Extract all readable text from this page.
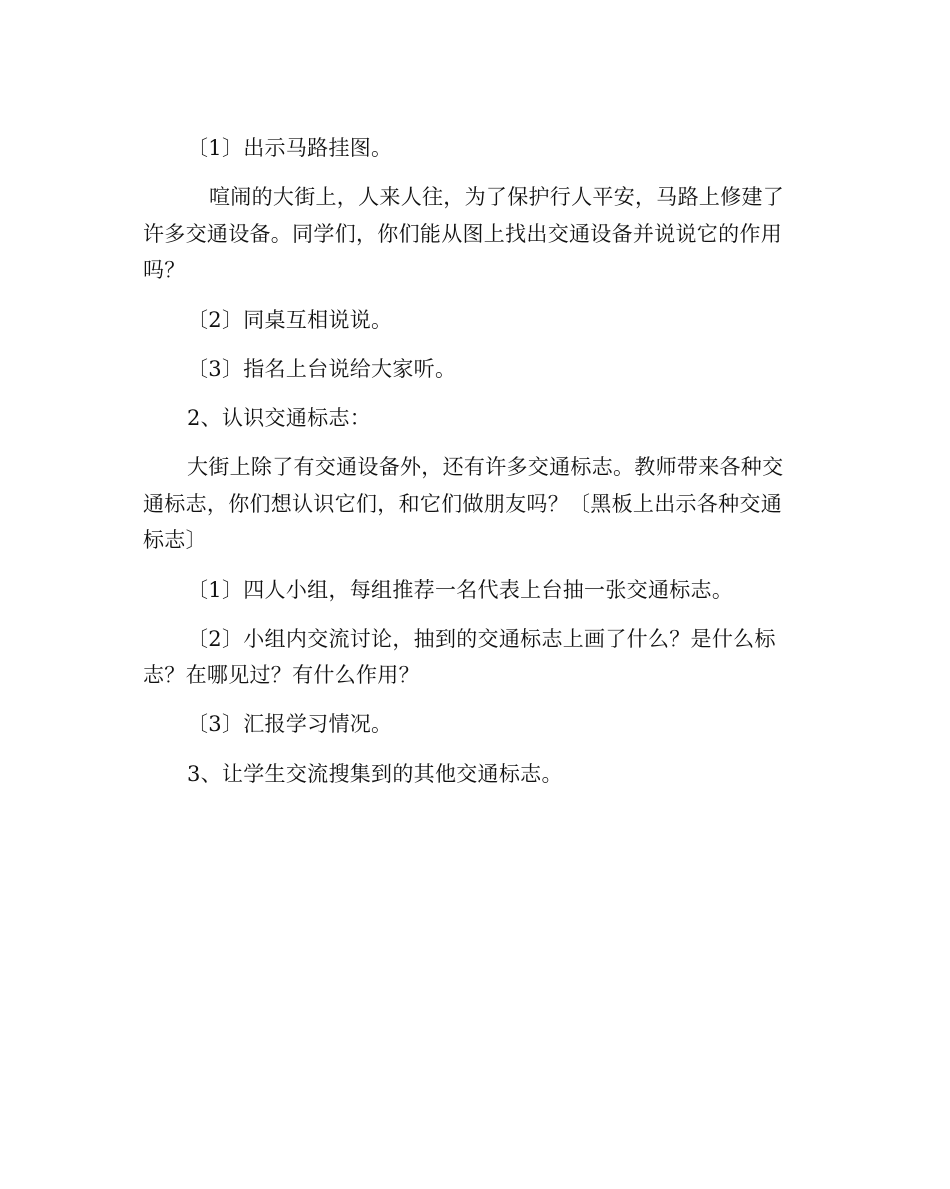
〔1〕出示马路挂图。

喧闹的大街上，人来人往，为了保护行人平安，马路上修建了许多交通设备。同学们，你们能从图上找出交通设备并说说它的作用吗？

〔2〕同桌互相说说。

〔3〕指名上台说给大家听。

2、认识交通标志：

大街上除了有交通设备外，还有许多交通标志。教师带来各种交通标志，你们想认识它们，和它们做朋友吗？〔黑板上出示各种交通标志〕

〔1〕四人小组，每组推荐一名代表上台抽一张交通标志。

〔2〕小组内交流讨论，抽到的交通标志上画了什么？是什么标志？在哪见过？有什么作用？

〔3〕汇报学习情况。

3、让学生交流搜集到的其他交通标志。
